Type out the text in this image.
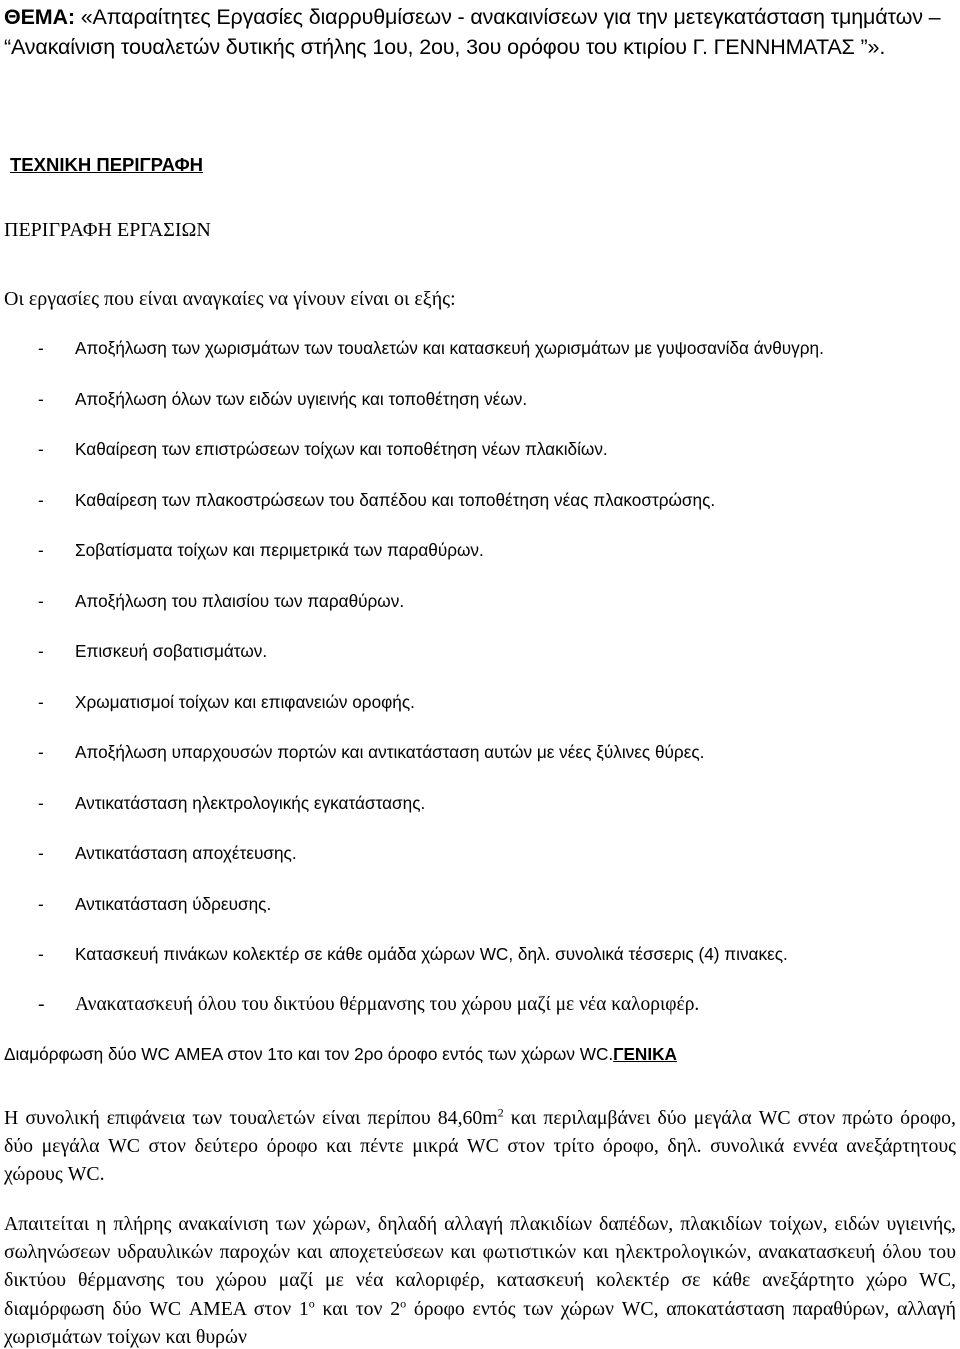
ΘΕΜΑ: «Απαραίτητες Εργασίες διαρρυθμίσεων - ανακαινίσεων για την μετεγκατάσταση τμημάτων – “Ανακαίνιση τουαλετών δυτικής στήλης 1ου, 2ου, 3ου ορόφου του κτιρίου Γ. ΓΕΝΝΗΜΑΤΑΣ ”».
ΤΕΧΝΙΚΗ ΠΕΡΙΓΡΑΦΗ
ΠΕΡΙΓΡΑΦΗ ΕΡΓΑΣΙΩΝ
Οι εργασίες που είναι αναγκαίες να γίνουν είναι οι εξής:
- Αποξήλωση των χωρισμάτων των τουαλετών και κατασκευή χωρισμάτων με γυψοσανίδα άνθυγρη.
- Αποξήλωση όλων των ειδών υγιεινής και τοποθέτηση νέων.
- Καθαίρεση των επιστρώσεων τοίχων και τοποθέτηση νέων πλακιδίων.
- Καθαίρεση των πλακοστρώσεων του δαπέδου και τοποθέτηση νέας πλακοστρώσης.
- Σοβατίσματα τοίχων και περιμετρικά των παραθύρων.
- Αποξήλωση του πλαισίου των παραθύρων.
- Επισκευή σοβατισμάτων.
- Χρωματισμοί τοίχων και επιφανειών οροφής.
- Αποξήλωση υπαρχουσών πορτών και αντικατάσταση αυτών με νέες ξύλινες θύρες.
- Αντικατάσταση ηλεκτρολογικής εγκατάστασης.
- Αντικατάσταση αποχέτευσης.
- Αντικατάσταση ύδρευσης.
- Κατασκευή πινάκων κολεκτέρ σε κάθε ομάδα χώρων WC, δηλ. συνολικά τέσσερις (4) πινακες.
- Ανακατασκευή όλου του δικτύου θέρμανσης του χώρου μαζί με νέα καλοριφέρ.
Διαμόρφωση δύο WC ΑΜΕΑ στον 1το και τον 2ρο όροφο εντός των χώρων WC.ΓΕΝΙΚΑ

Η συνολική επιφάνεια των τουαλετών είναι περίπου $84,60m^2$ και περιλαμβάνει δύο μεγάλα WC στον πρώτο όροφο, δύο μεγάλα WC στον δεύτερο όροφο και πέντε μικρά WC στον τρίτο όροφο, δηλ. συνολικά εννέα ανεξάρτητους χώρους WC.

Απαιτείται η πλήρης ανακαίνιση των χώρων, δηλαδή αλλαγή πλακιδίων δαπέδων, πλακιδίων τοίχων, ειδών υγιεινής, σωληνώσεων υδραυλικών παροχών και αποχετεύσεων και φωτιστικών και ηλεκτρολογικών, ανακατασκευή όλου του δικτύου θέρμανσης του χώρου μαζί με νέα καλοριφέρ, κατασκευή κολεκτέρ σε κάθε ανεξάρτητο χώρο WC, διαμόρφωση δύο WC ΑΜΕΑ στον $1^o$ και τον $2^o$ όροφο εντός των χώρων WC, αποκατάσταση παραθύρων, αλλαγή χωρισμάτων τοίχων και θυρών
